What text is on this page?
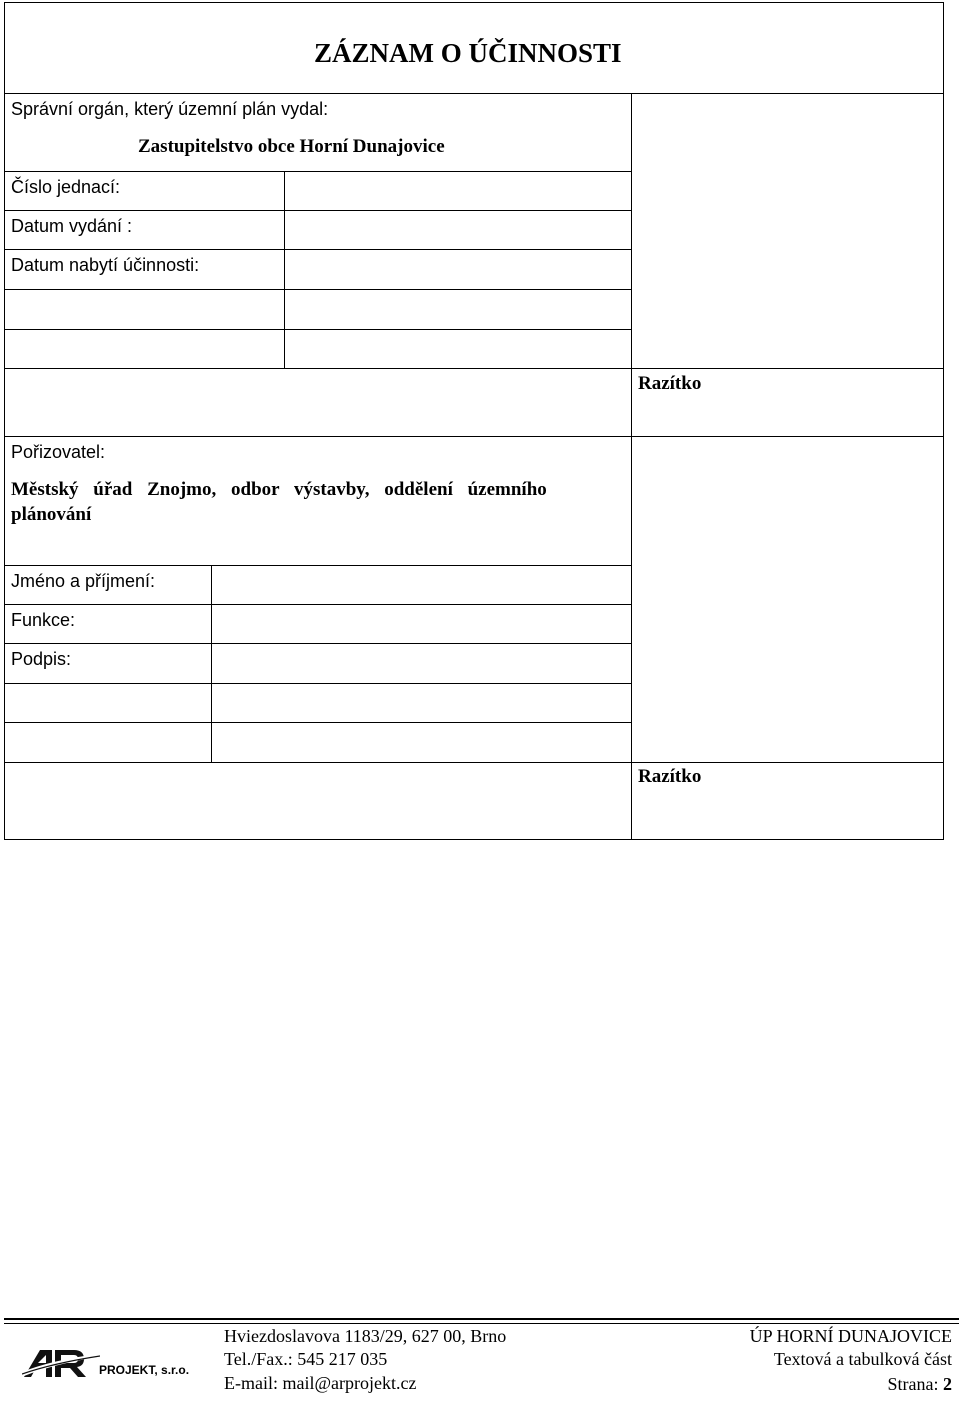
ZÁZNAM O ÚČINNOSTI
Správní orgán, který územní plán vydal:
Zastupitelstvo obce Horní Dunajovice
Číslo jednací:
Datum vydání :
Datum nabytí účinnosti:
Razítko
Pořizovatel:
Městský úřad Znojmo, odbor výstavby, oddělení územního
plánování
Jméno a příjmení:
Funkce:
Podpis:
Razítko
PROJEKT, s.r.o.
Hviezdoslavova 1183/29, 627 00, Brno
Tel./Fax.: 545 217 035
E-mail: mail@arprojekt.cz
ÚP HORNÍ DUNAJOVICE
Textová a tabulková část
Strana: 2
